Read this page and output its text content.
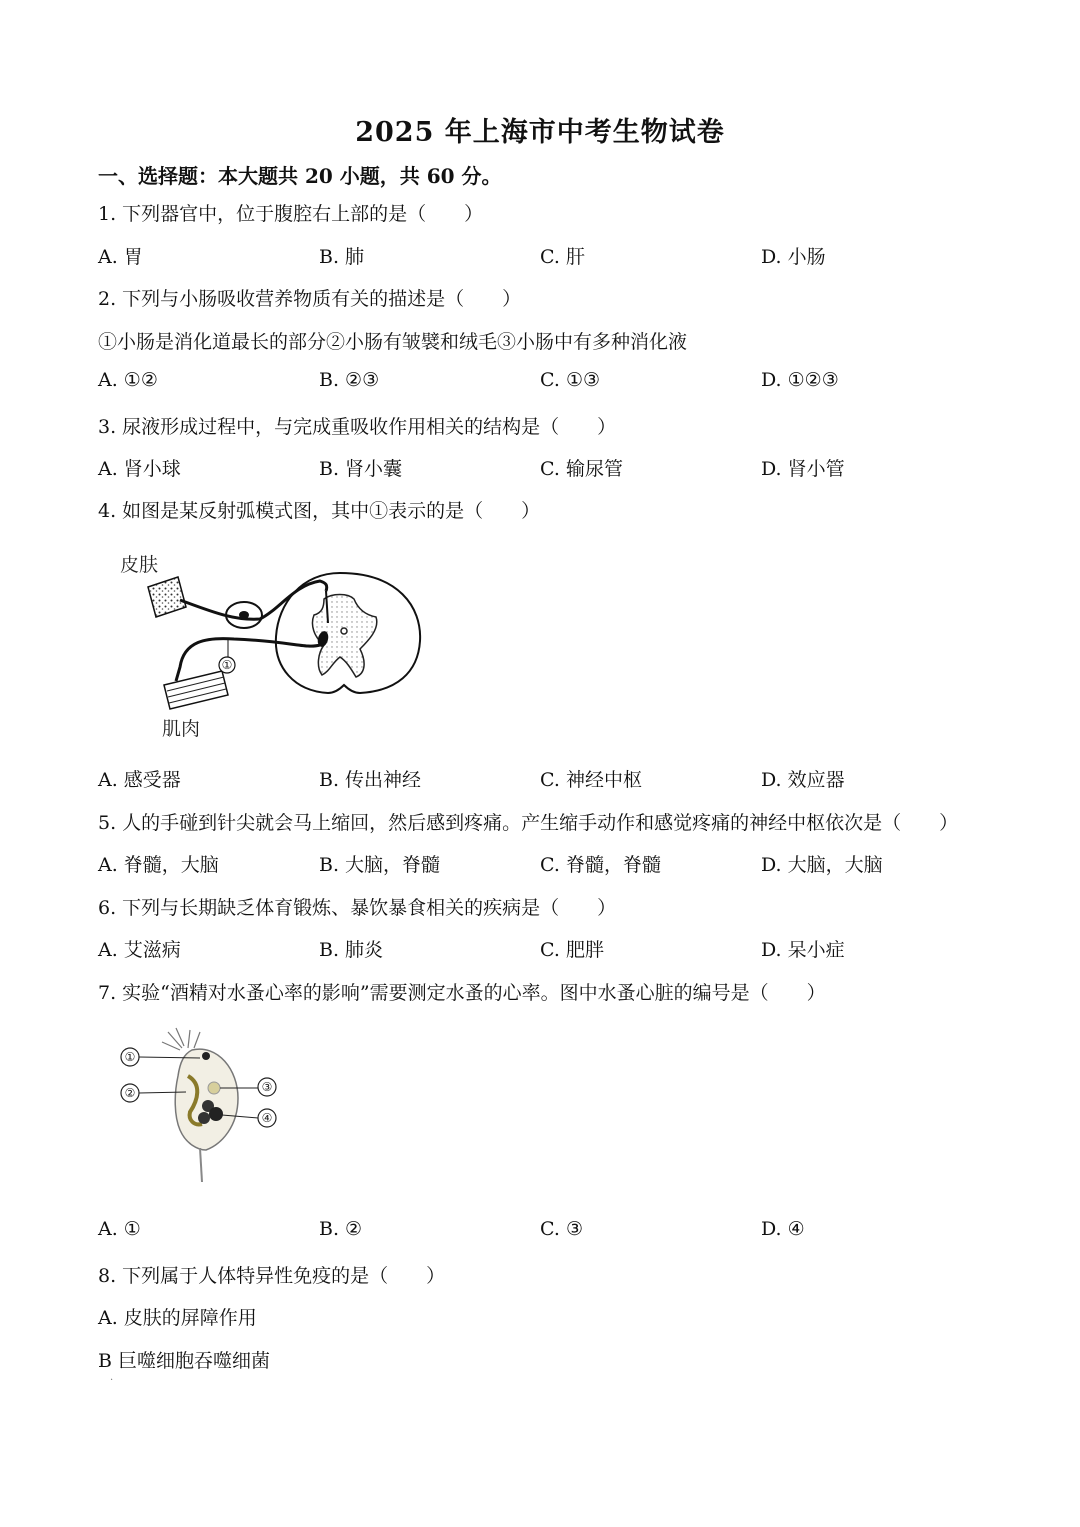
2025 年上海市中考生物试卷
一、选择题：本大题共 20 小题，共 60 分。
1. 下列器官中，位于腹腔右上部的是（　　）
A. 胃	B. 肺	C. 肝	D. 小肠
2. 下列与小肠吸收营养物质有关的描述是（　　）
①小肠是消化道最长的部分②小肠有皱襞和绒毛③小肠中有多种消化液
A. ①②	B. ②③	C. ①③	D. ①②③
3. 尿液形成过程中，与完成重吸收作用相关的结构是（　　）
A. 肾小球	B. 肾小囊	C. 输尿管	D. 肾小管
4. 如图是某反射弧模式图，其中①表示的是（　　）
皮肤
肌肉
①
A. 感受器	B. 传出神经	C. 神经中枢	D. 效应器
5. 人的手碰到针尖就会马上缩回，然后感到疼痛。产生缩手动作和感觉疼痛的神经中枢依次是（　　）
A. 脊髓，大脑	B. 大脑，脊髓	C. 脊髓，脊髓	D. 大脑，大脑
6. 下列与长期缺乏体育锻炼、暴饮暴食相关的疾病是（　　）
A. 艾滋病	B. 肺炎	C. 肥胖	D. 呆小症
7. 实验“酒精对水蚤心率的影响”需要测定水蚤的心率。图中水蚤心脏的编号是（　　）
①
②	③
④
A. ①	B. ②	C. ③	D. ④
8. 下列属于人体特异性免疫的是（　　）
A. 皮肤的屏障作用
B 巨噬细胞吞噬细菌
.
